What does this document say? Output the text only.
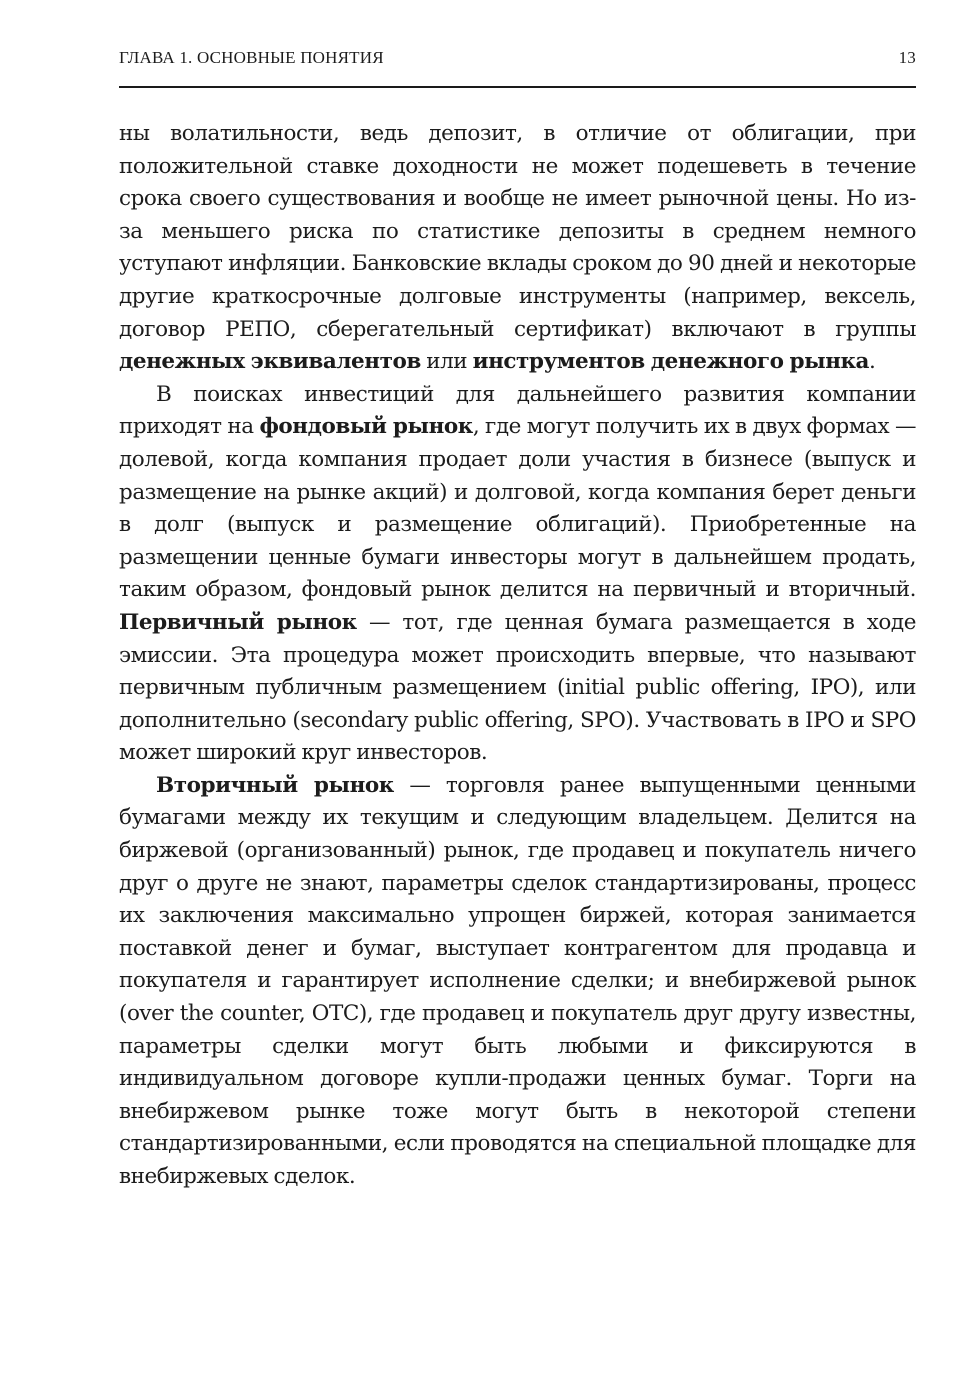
ГЛАВА 1. ОСНОВНЫЕ ПОНЯТИЯ	13

ны волатильности, ведь депозит, в отличие от облигации, при положительной ставке доходности не может подешеветь в течение срока своего существования и вообще не имеет рыночной цены. Но из-за меньшего риска по статистике депозиты в среднем немного уступают инфляции. Банковские вклады сроком до 90 дней и некоторые другие краткосрочные долговые инструменты (например, вексель, договор РЕПО, сберегательный сертификат) включают в группы денежных эквивалентов или инструментов денежного рынка.

В поисках инвестиций для дальнейшего развития компании приходят на фондовый рынок, где могут получить их в двух формах — долевой, когда компания продает доли участия в бизнесе (выпуск и размещение на рынке акций) и долговой, когда компания берет деньги в долг (выпуск и размещение облигаций). Приобретенные на размещении ценные бумаги инвесторы могут в дальнейшем продать, таким образом, фондовый рынок делится на первичный и вторичный. Первичный рынок — тот, где ценная бумага размещается в ходе эмиссии. Эта процедура может происходить впервые, что называют первичным публичным размещением (initial public offering, IPO), или дополнительно (secondary public offering, SPO). Участвовать в IPO и SPO может широкий круг инвесторов.

Вторичный рынок — торговля ранее выпущенными ценными бумагами между их текущим и следующим владельцем. Делится на биржевой (организованный) рынок, где продавец и покупатель ничего друг о друге не знают, параметры сделок стандартизированы, процесс их заключения максимально упрощен биржей, которая занимается поставкой денег и бумаг, выступает контрагентом для продавца и покупателя и гарантирует исполнение сделки; и внебиржевой рынок (over the counter, OTC), где продавец и покупатель друг другу известны, параметры сделки могут быть любыми и фиксируются в индивидуальном договоре купли-продажи ценных бумаг. Торги на внебиржевом рынке тоже могут быть в некоторой степени стандартизированными, если проводятся на специальной площадке для внебиржевых сделок.
